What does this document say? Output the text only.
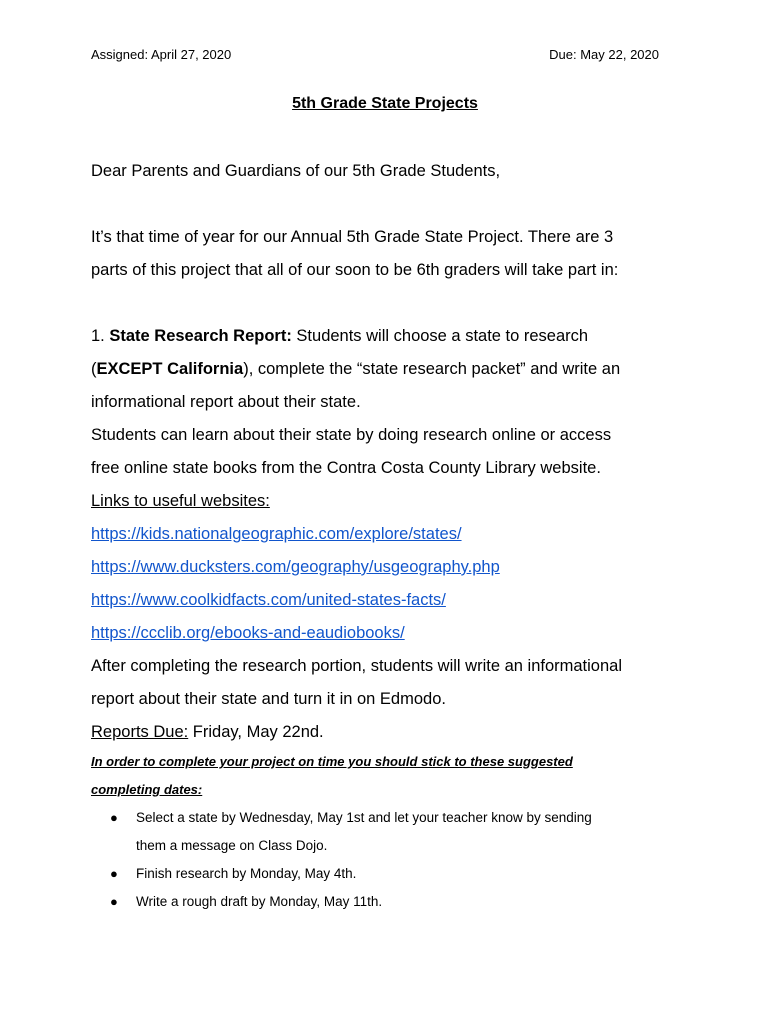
Assigned: April 27, 2020	Due: May 22, 2020
5th Grade State Projects
Dear Parents and Guardians of our 5th Grade Students,
It’s that time of year for our Annual 5th Grade State Project. There are 3
parts of this project that all of our soon to be 6th graders will take part in:
1. State Research Report: Students will choose a state to research
(EXCEPT California), complete the “state research packet” and write an
informational report about their state.
Students can learn about their state by doing research online or access
free online state books from the Contra Costa County Library website.
Links to useful websites:
https://kids.nationalgeographic.com/explore/states/
https://www.ducksters.com/geography/usgeography.php
https://www.coolkidfacts.com/united-states-facts/
https://ccclib.org/ebooks-and-eaudiobooks/
After completing the research portion, students will write an informational
report about their state and turn it in on Edmodo.
Reports Due: Friday, May 22nd.
In order to complete your project on time you should stick to these suggested
completing dates:
● Select a state by Wednesday, May 1st and let your teacher know by sending
them a message on Class Dojo.
● Finish research by Monday, May 4th.
● Write a rough draft by Monday, May 11th.
